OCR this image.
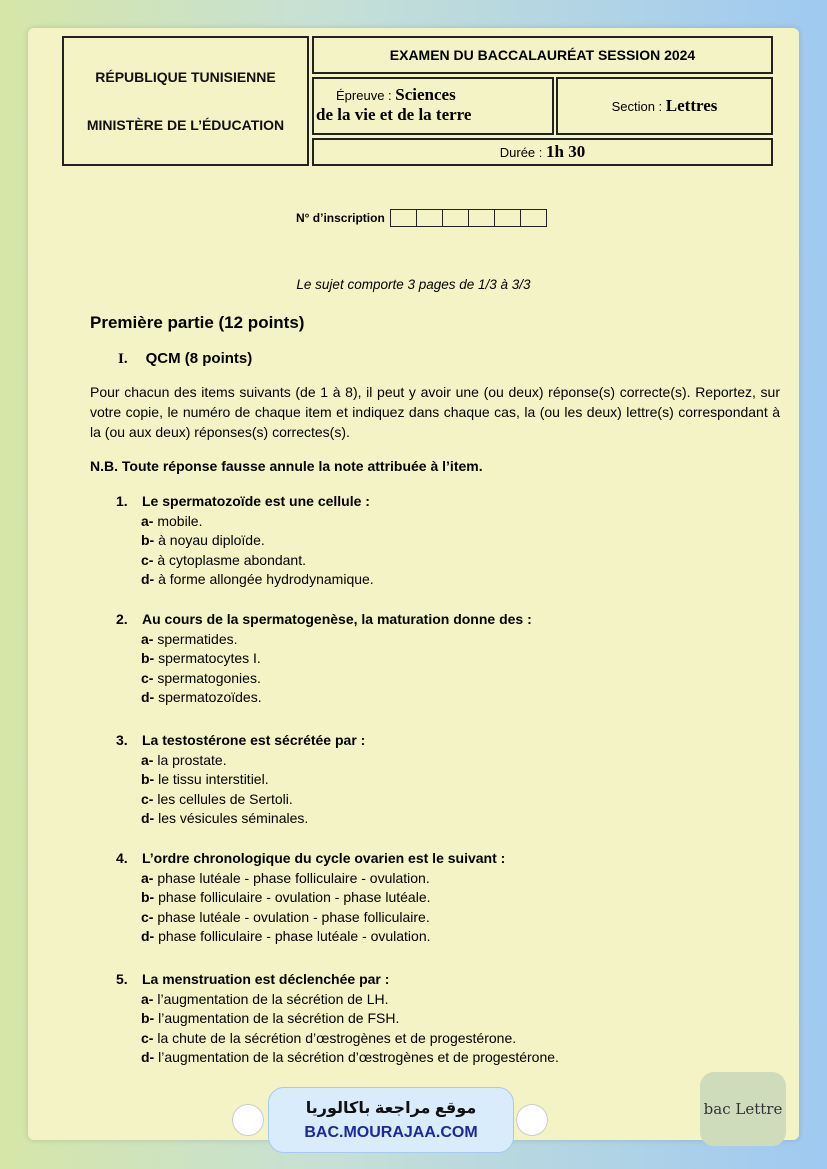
RÉPUBLIQUE TUNISIENNE
MINISTÈRE DE L’ÉDUCATION
EXAMEN DU BACCALAURÉAT SESSION 2024
Épreuve : Sciences
de la vie et de la terre	Section :
Lettres
Durée :
1h 30
N° d’inscription
Le sujet comporte 3 pages de 1/3 à 3/3
Première partie (12 points)
I. QCM (8 points)
Pour chacun des items suivants (de 1 à 8), il peut y avoir une (ou deux) réponse(s) correcte(s). Reportez, sur votre copie, le numéro de chaque item et indiquez dans chaque cas, la (ou les deux) lettre(s) correspondant à la (ou aux deux) réponses(s) correctes(s).
N.B. Toute réponse fausse annule la note attribuée à l’item.
1. Le spermatozoïde est une cellule :
a- mobile.
b- à noyau diploïde.
c- à cytoplasme abondant.
d- à forme allongée hydrodynamique.
2. Au cours de la spermatogenèse, la maturation donne des :
a- spermatides.
b- spermatocytes I.
c- spermatogonies.
d- spermatozoïdes.
3. La testostérone est sécrétée par :
a- la prostate.
b- le tissu interstitiel.
c- les cellules de Sertoli.
d- les vésicules séminales.
4. L’ordre chronologique du cycle ovarien est le suivant :
a- phase lutéale - phase folliculaire - ovulation.
b- phase folliculaire - ovulation - phase lutéale.
c- phase lutéale - ovulation - phase folliculaire.
d- phase folliculaire - phase lutéale - ovulation.
5. La menstruation est déclenchée par :
a- l’augmentation de la sécrétion de LH.
b- l’augmentation de la sécrétion de FSH.
c- la chute de la sécrétion d’œstrogènes et de progestérone.
d- l’augmentation de la sécrétion d’œstrogènes et de progestérone.
موقع مراجعة باكالوريا
BAC.MOURAJAA.COM
bac Lettre
